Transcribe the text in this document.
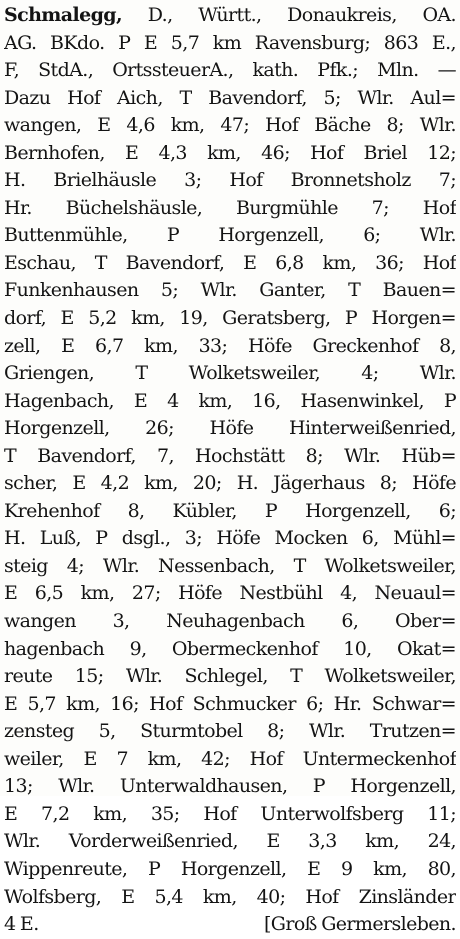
Schmalegg, D., Württ., Donaukreis, OA.
AG. BKdo. P E 5,7 km Ravensburg; 863 E.,
F, StdA., OrtssteuerA., kath. Pfk.; Mln. —
Dazu Hof Aich, T Bavendorf, 5; Wlr. Aul=
wangen, E 4,6 km, 47; Hof Bäche 8; Wlr.
Bernhofen, E 4,3 km, 46; Hof Briel 12;
H. Brielhäusle 3; Hof Bronnetsholz 7;
Hr. Büchelshäusle, Burgmühle 7; Hof
Buttenmühle, P Horgenzell, 6; Wlr.
Eschau, T Bavendorf, E 6,8 km, 36; Hof
Funkenhausen 5; Wlr. Ganter, T Bauen=
dorf, E 5,2 km, 19, Geratsberg, P Horgen=
zell, E 6,7 km, 33; Höfe Greckenhof 8,
Griengen, T Wolketsweiler, 4; Wlr.
Hagenbach, E 4 km, 16, Hasenwinkel, P
Horgenzell, 26; Höfe Hinterweißenried,
T Bavendorf, 7, Hochstätt 8; Wlr. Hüb=
scher, E 4,2 km, 20; H. Jägerhaus 8; Höfe
Krehenhof 8, Kübler, P Horgenzell, 6;
H. Luß, P dsgl., 3; Höfe Mocken 6, Mühl=
steig 4; Wlr. Nessenbach, T Wolketsweiler,
E 6,5 km, 27; Höfe Nestbühl 4, Neuaul=
wangen 3, Neuhagenbach 6, Ober=
hagenbach 9, Obermeckenhof 10, Okat=
reute 15; Wlr. Schlegel, T Wolketsweiler,
E 5,7 km, 16; Hof Schmucker 6; Hr. Schwar=
zensteg 5, Sturmtobel 8; Wlr. Trutzen=
weiler, E 7 km, 42; Hof Untermeckenhof
13; Wlr. Unterwaldhausen, P Horgenzell,
E 7,2 km, 35; Hof Unterwolfsberg 11;
Wlr. Vorderweißenried, E 3,3 km, 24,
Wippenreute, P Horgenzell, E 9 km, 80,
Wolfsberg, E 5,4 km, 40; Hof Zinsländer
4 E.	[Groß Germersleben.
